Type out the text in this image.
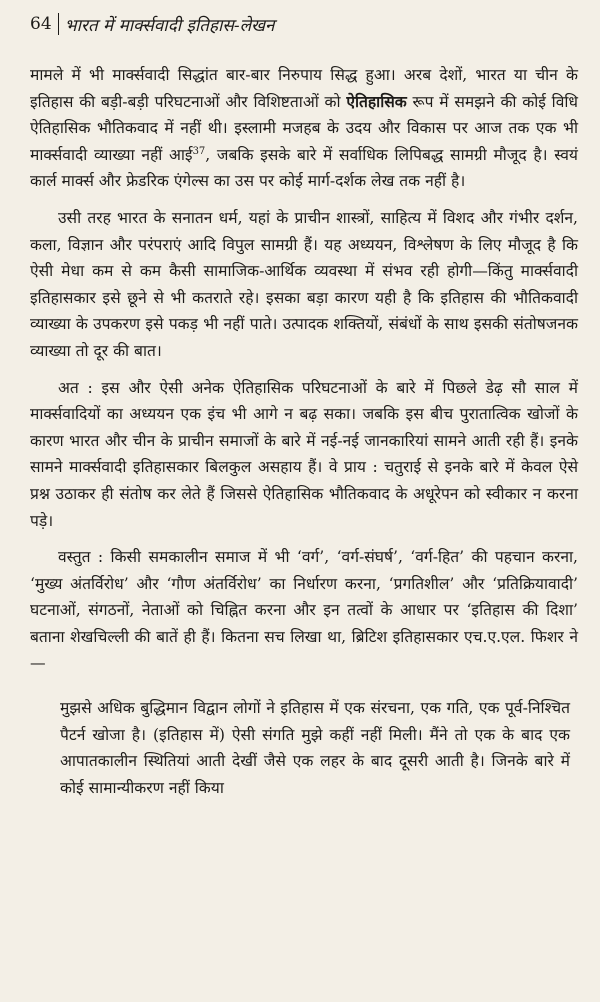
64 भारत में मार्क्सवादी इतिहास-लेखन

मामले में भी मार्क्सवादी सिद्धांत बार-बार निरुपाय सिद्ध हुआ। अरब देशों, भारत या चीन के इतिहास की बड़ी-बड़ी परिघटनाओं और विशिष्टताओं को ऐतिहासिक रूप में समझने की कोई विधि ऐतिहासिक भौतिकवाद में नहीं थी। इस्लामी मजहब के उदय और विकास पर आज तक एक भी मार्क्सवादी व्याख्या नहीं आई$^{37}$, जबकि इसके बारे में सर्वाधिक लिपिबद्ध सामग्री मौजूद है। स्वयं कार्ल मार्क्स और फ्रेडरिक एंगेल्स का उस पर कोई मार्ग-दर्शक लेख तक नहीं है।

उसी तरह भारत के सनातन धर्म, यहां के प्राचीन शास्त्रों, साहित्य में विशद और गंभीर दर्शन, कला, विज्ञान और परंपराएं आदि विपुल सामग्री हैं। यह अध्ययन, विश्लेषण के लिए मौजूद है कि ऐसी मेधा कम से कम कैसी सामाजिक-आर्थिक व्यवस्था में संभव रही होगी—किंतु मार्क्सवादी इतिहासकार इसे छूने से भी कतराते रहे। इसका बड़ा कारण यही है कि इतिहास की भौतिकवादी व्याख्या के उपकरण इसे पकड़ भी नहीं पाते। उत्पादक शक्तियों, संबंधों के साथ इसकी संतोषजनक व्याख्या तो दूर की बात।

अत : इस और ऐसी अनेक ऐतिहासिक परिघटनाओं के बारे में पिछले डेढ़ सौ साल में मार्क्सवादियों का अध्ययन एक इंच भी आगे न बढ़ सका। जबकि इस बीच पुरातात्विक खोजों के कारण भारत और चीन के प्राचीन समाजों के बारे में नई-नई जानकारियां सामने आती रही हैं। इनके सामने मार्क्सवादी इतिहासकार बिलकुल असहाय हैं। वे प्राय : चतुराई से इनके बारे में केवल ऐसे प्रश्न उठाकर ही संतोष कर लेते हैं जिससे ऐतिहासिक भौतिकवाद के अधूरेपन को स्वीकार न करना पड़े।

वस्तुत : किसी समकालीन समाज में भी ‘वर्ग’, ‘वर्ग-संघर्ष’, ‘वर्ग-हित’ की पहचान करना, ‘मुख्य अंतर्विरोध’ और ‘गौण अंतर्विरोध’ का निर्धारण करना, ‘प्रगतिशील’ और ‘प्रतिक्रियावादी’ घटनाओं, संगठनों, नेताओं को चिह्नित करना और इन तत्वों के आधार पर ‘इतिहास की दिशा’ बताना शेखचिल्ली की बातें ही हैं। कितना सच लिखा था, ब्रिटिश इतिहासकार एच.ए.एल. फिशर ने—

मुझसे अधिक बुद्धिमान विद्वान लोगों ने इतिहास में एक संरचना, एक गति, एक पूर्व-निश्चित पैटर्न खोजा है। (इतिहास में) ऐसी संगति मुझे कहीं नहीं मिली। मैंने तो एक के बाद एक आपातकालीन स्थितियां आती देखीं जैसे एक लहर के बाद दूसरी आती है। जिनके बारे में कोई सामान्यीकरण नहीं किया
